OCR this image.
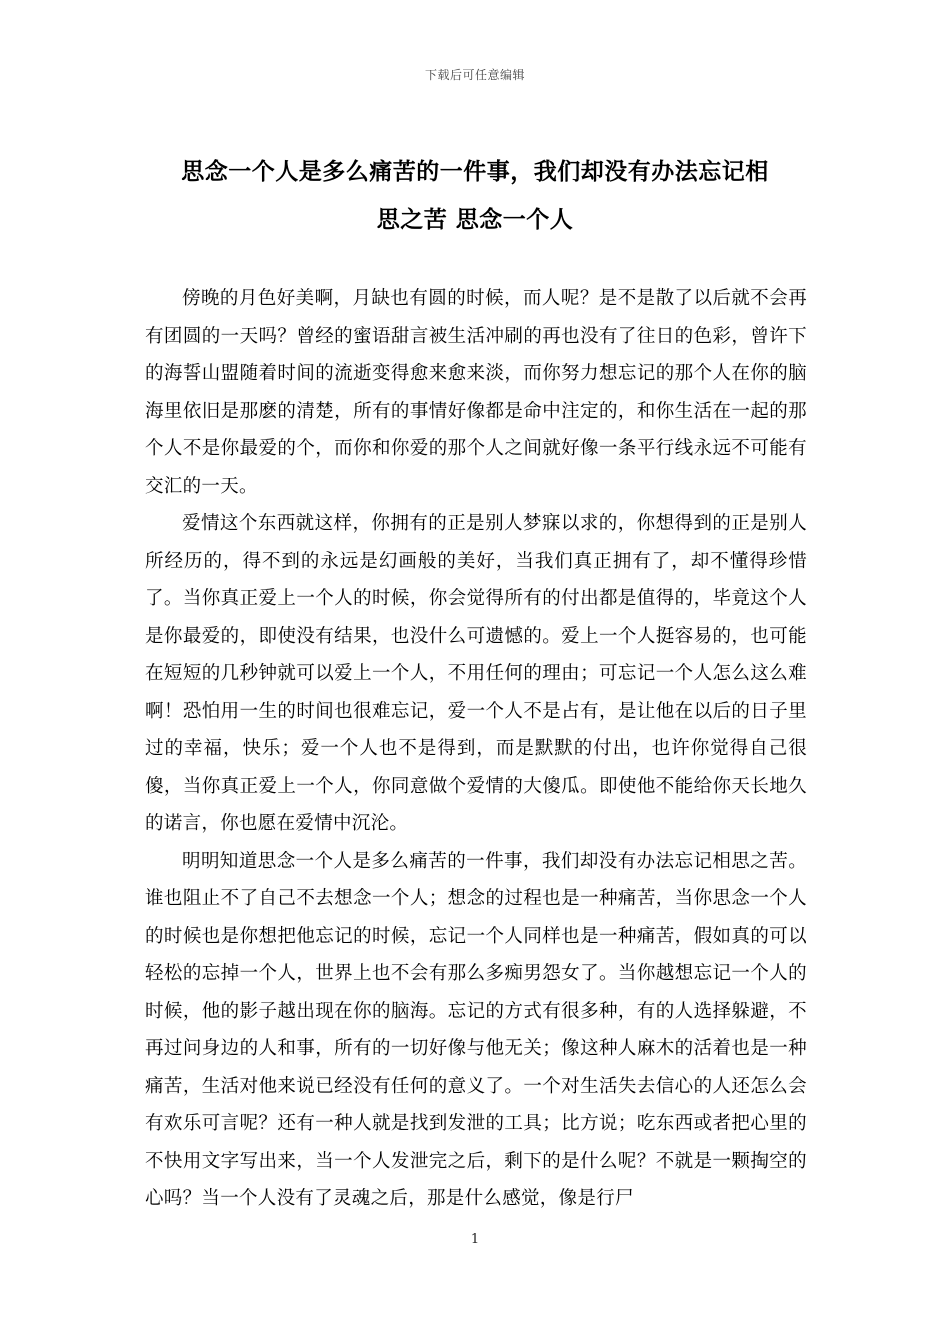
下载后可任意编辑
思念一个人是多么痛苦的一件事，我们却没有办法忘记相
思之苦 思念一个人

傍晚的月色好美啊，月缺也有圆的时候，而人呢？是不是散了以后就不会再有团圆的一天吗？曾经的蜜语甜言被生活冲刷的再也没有了往日的色彩，曾许下的海誓山盟随着时间的流逝变得愈来愈来淡，而你努力想忘记的那个人在你的脑海里依旧是那麽的清楚，所有的事情好像都是命中注定的，和你生活在一起的那个人不是你最爱的个，而你和你爱的那个人之间就好像一条平行线永远不可能有交汇的一天。

爱情这个东西就这样，你拥有的正是别人梦寐以求的，你想得到的正是别人所经历的，得不到的永远是幻画般的美好，当我们真正拥有了，却不懂得珍惜了。当你真正爱上一个人的时候，你会觉得所有的付出都是值得的，毕竟这个人是你最爱的，即使没有结果，也没什么可遗憾的。爱上一个人挺容易的，也可能在短短的几秒钟就可以爱上一个人，不用任何的理由；可忘记一个人怎么这么难啊！恐怕用一生的时间也很难忘记，爱一个人不是占有，是让他在以后的日子里过的幸福，快乐；爱一个人也不是得到，而是默默的付出，也许你觉得自己很傻，当你真正爱上一个人，你同意做个爱情的大傻瓜。即使他不能给你天长地久的诺言，你也愿在爱情中沉沦。

明明知道思念一个人是多么痛苦的一件事，我们却没有办法忘记相思之苦。谁也阻止不了自己不去想念一个人；想念的过程也是一种痛苦，当你思念一个人的时候也是你想把他忘记的时候，忘记一个人同样也是一种痛苦，假如真的可以轻松的忘掉一个人，世界上也不会有那么多痴男怨女了。当你越想忘记一个人的时候，他的影子越出现在你的脑海。忘记的方式有很多种，有的人选择躲避，不再过问身边的人和事，所有的一切好像与他无关；像这种人麻木的活着也是一种痛苦，生活对他来说已经没有任何的意义了。一个对生活失去信心的人还怎么会有欢乐可言呢？还有一种人就是找到发泄的工具；比方说；吃东西或者把心里的不快用文字写出来，当一个人发泄完之后，剩下的是什么呢？不就是一颗掏空的心吗？当一个人没有了灵魂之后，那是什么感觉，像是行尸

1
